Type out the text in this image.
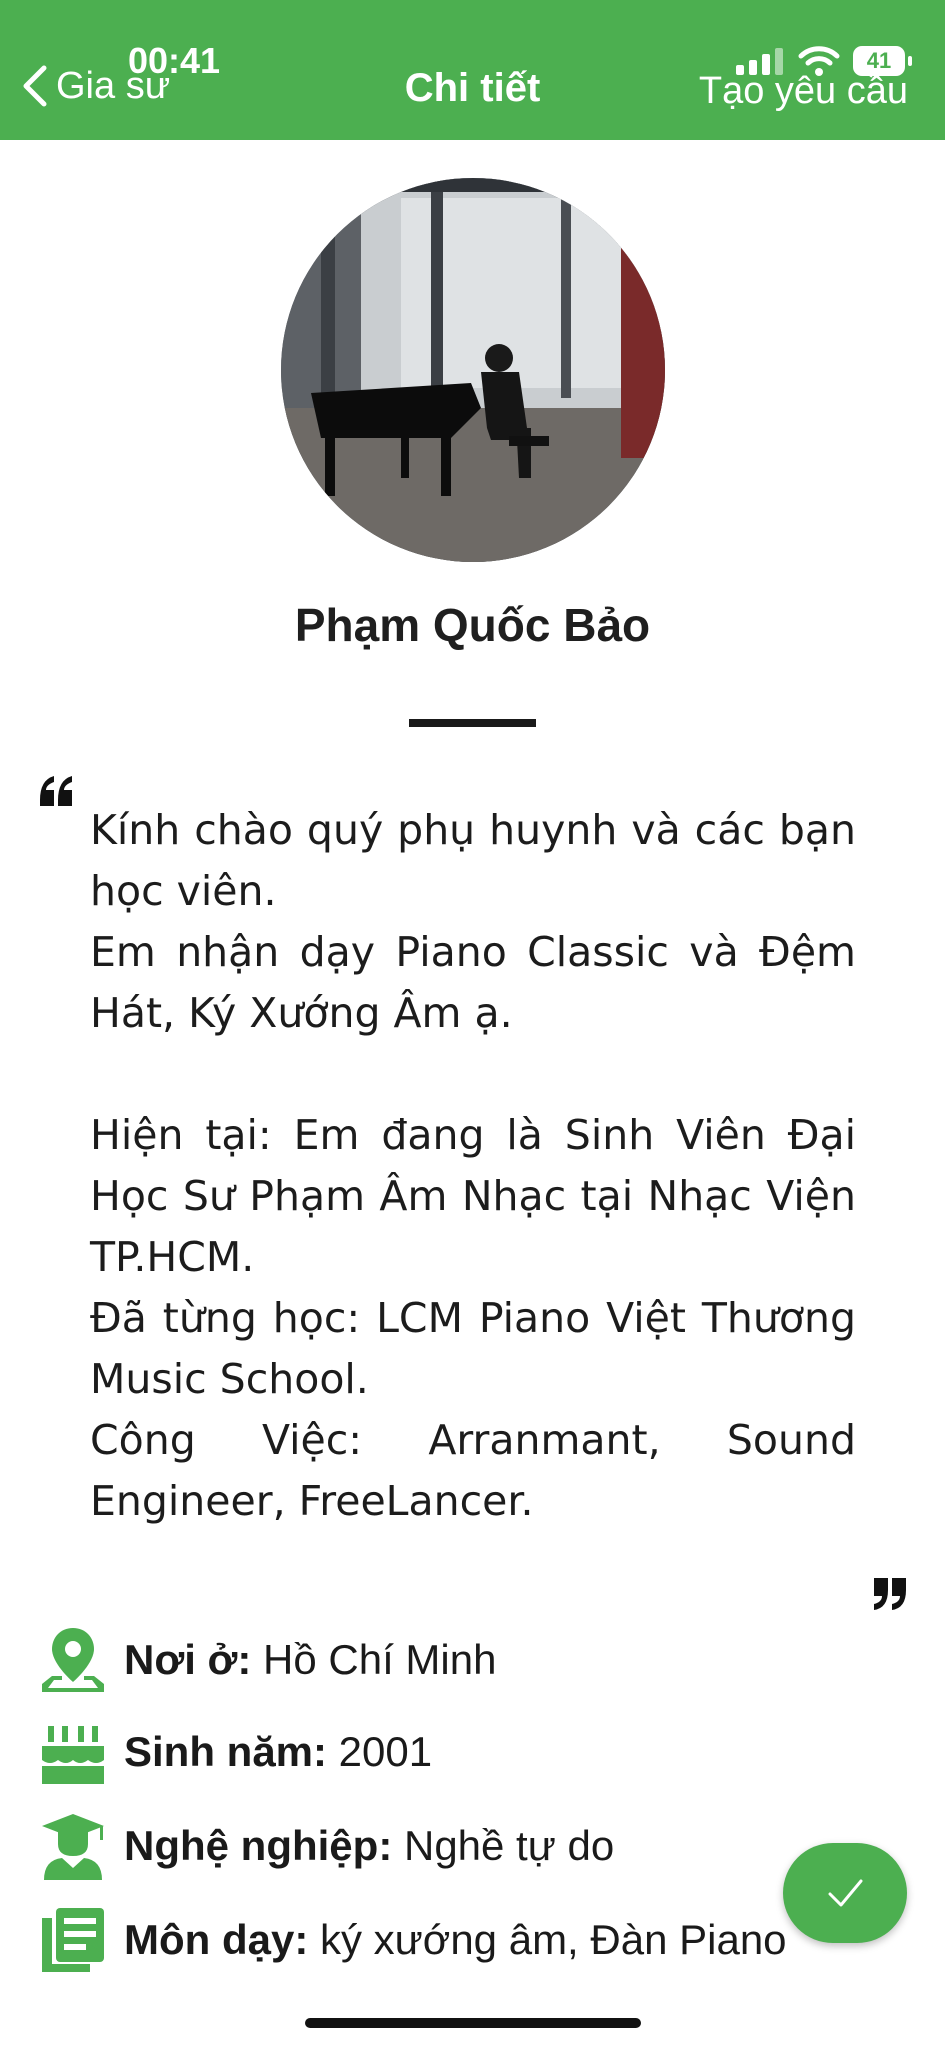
Gia sư
00:41
Chi tiết
41
Tạo yêu cầu
Phạm Quốc Bảo
Kính chào quý phụ huynh và các bạn học viên.
Em nhận dạy Piano Classic và Đệm Hát, Ký Xướng Âm ạ.

Hiện tại: Em đang là Sinh Viên Đại Học Sư Phạm Âm Nhạc tại Nhạc Viện TP.HCM.
Đã từng học: LCM Piano Việt Thương Music School.
Công Việc: Arranmant, Sound Engineer, FreeLancer.
Nơi ở: Hồ Chí Minh
Sinh năm: 2001
Nghệ nghiệp: Nghề tự do
Môn dạy: ký xướng âm, Đàn Piano
